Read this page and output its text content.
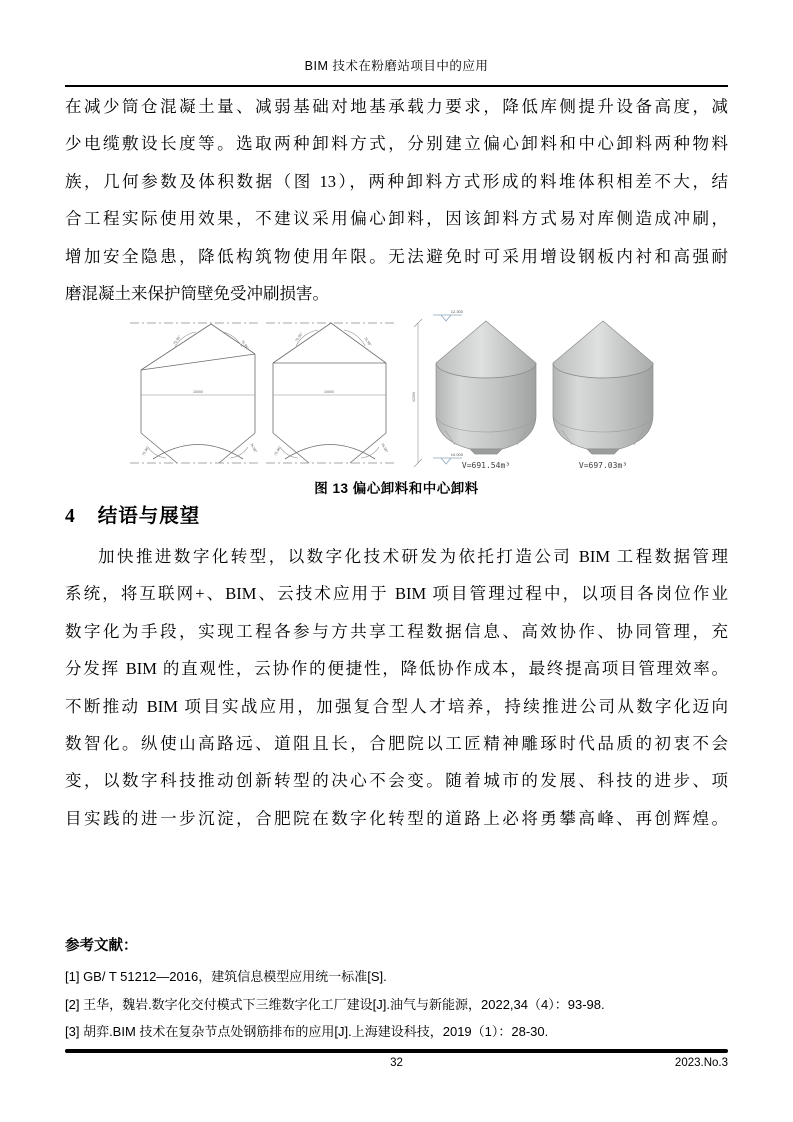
BIM 技术在粉磨站项目中的应用
在减少筒仓混凝土量、减弱基础对地基承载力要求，降低库侧提升设备高度，减
少电缆敷设长度等。选取两种卸料方式，分别建立偏心卸料和中心卸料两种物料
族，几何参数及体积数据（图 13），两种卸料方式形成的料堆体积相差不大，结
合工程实际使用效果，不建议采用偏心卸料，因该卸料方式易对库侧造成冲刷，
增加安全隐患，降低构筑物使用年限。无法避免时可采用增设钢板内衬和高强耐
磨混凝土来保护筒壁免受冲刷损害。
10000
75.96°	75.96°
75.96°	75.96°
10000
75.96°	75.96°
75.96°	75.96°
12300
12.300
±0.000
V=691.54m³	V=697.03m³
图 13 偏心卸料和中心卸料
4 结语与展望
加快推进数字化转型，以数字化技术研发为依托打造公司 BIM 工程数据管理
系统，将互联网+、BIM、云技术应用于 BIM 项目管理过程中，以项目各岗位作业
数字化为手段，实现工程各参与方共享工程数据信息、高效协作、协同管理，充
分发挥 BIM 的直观性，云协作的便捷性，降低协作成本，最终提高项目管理效率。
不断推动 BIM 项目实战应用，加强复合型人才培养，持续推进公司从数字化迈向
数智化。纵使山高路远、道阻且长，合肥院以工匠精神雕琢时代品质的初衷不会
变，以数字科技推动创新转型的决心不会变。随着城市的发展、科技的进步、项
目实践的进一步沉淀，合肥院在数字化转型的道路上必将勇攀高峰、再创辉煌。
参考文献：
[1] GB/ T 51212—2016，建筑信息模型应用统一标准[S].
[2] 王华，魏岩.数字化交付模式下三维数字化工厂建设[J].油气与新能源，2022,34（4）：93-98.
[3] 胡弈.BIM 技术在复杂节点处钢筋排布的应用[J].上海建设科技，2019（1）：28-30.
32	2023.No.3
